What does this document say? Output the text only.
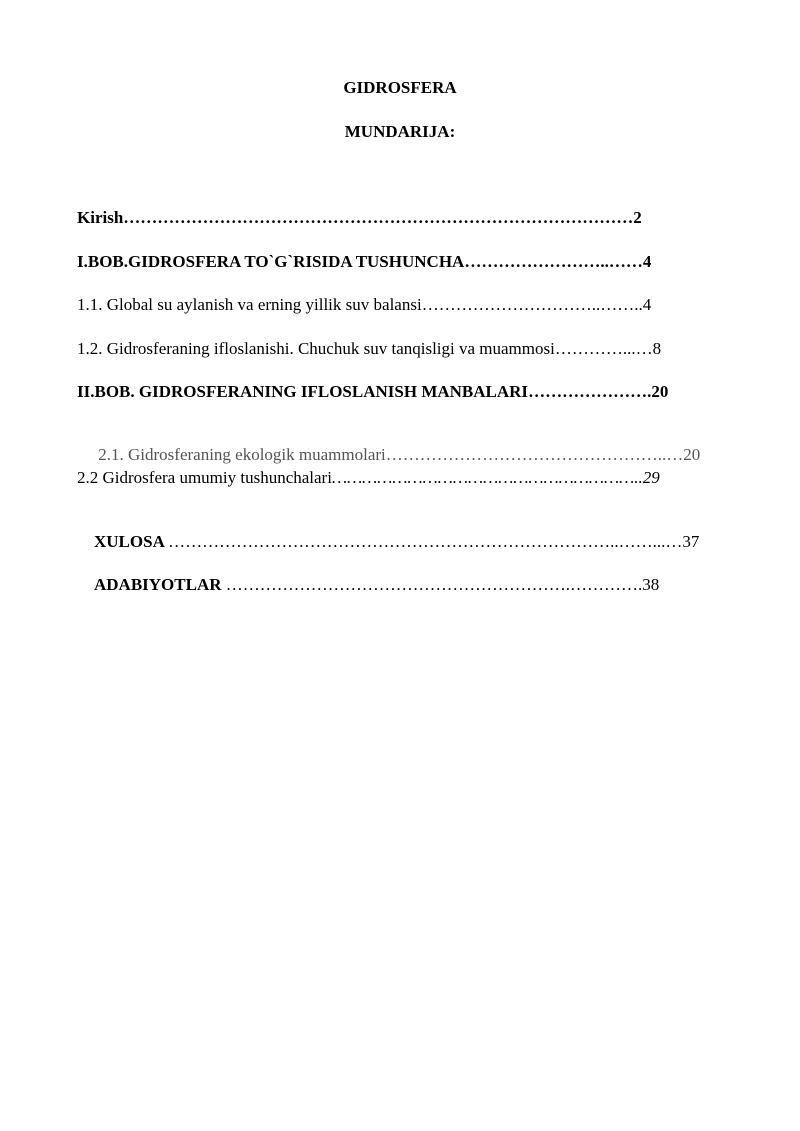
GIDROSFERA
MUNDARIJA:
Kirish………………………………………………………………………………2
I.BOB.GIDROSFERA TO`G`RISIDA TUSHUNCHA……………………..……4
1.1. Global su aylanish va erning yillik suv balansi…………………………..……..4
1.2. Gidrosferaning ifloslanishi. Chuchuk suv tanqisligi va muammosi…………...…8
II.BOB. GIDROSFERANING IFLOSLANISH MANBALARI………………….20

2.1. Gidrosferaning ekologik muammolari…………………………………………..…20

2.2 Gidrosfera umumiy tushunchalari……………………………………………………..29

XULOSA ……………………………………………………………………..……...…37

ADABIYOTLAR …………………………………………………….………….38
